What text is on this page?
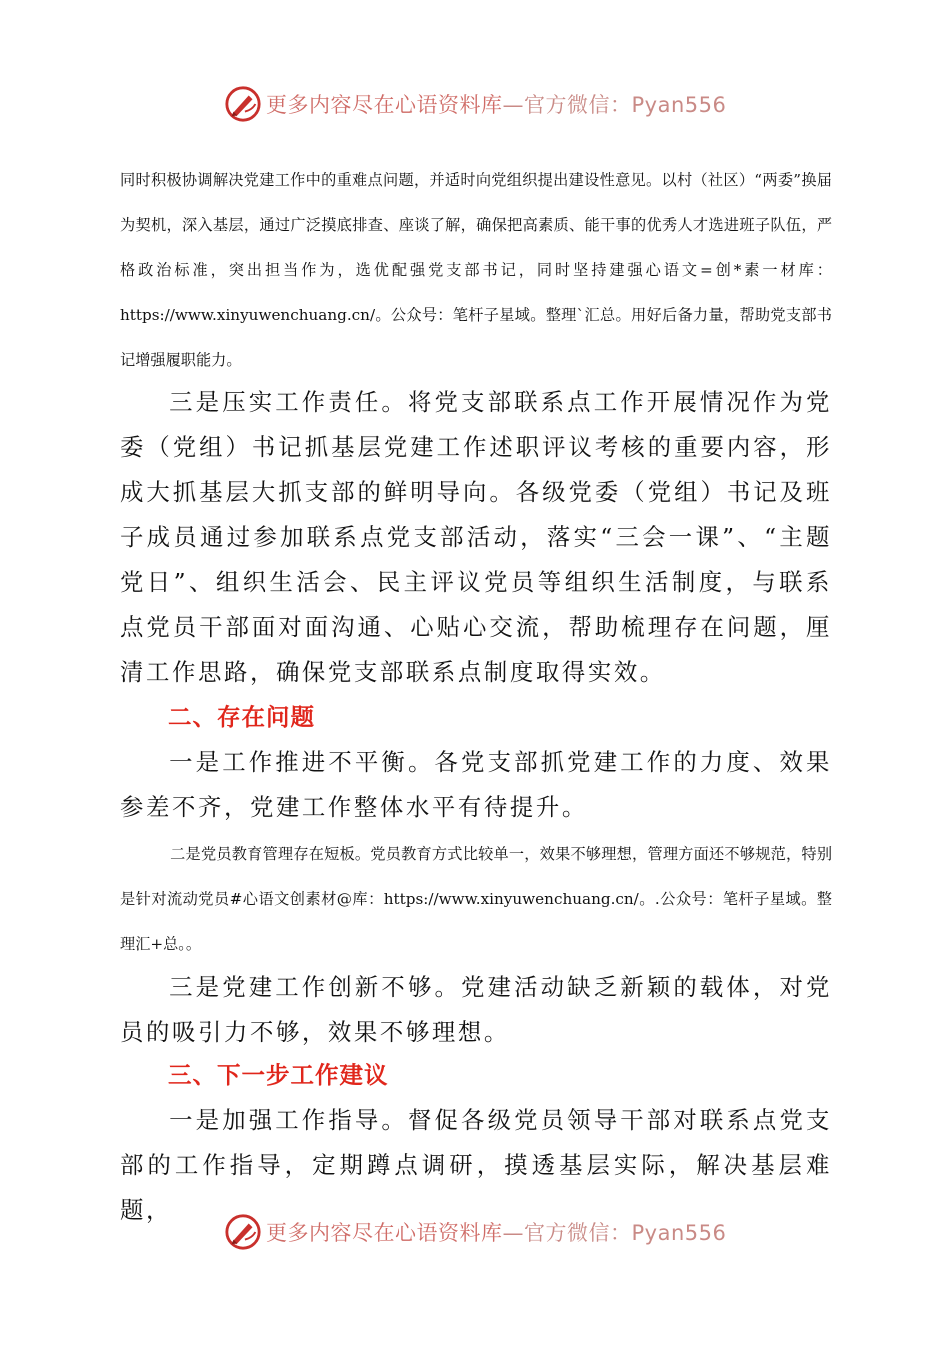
更多内容尽在心语资料库—官方微信：Pyan556

同时积极协调解决党建工作中的重难点问题，并适时向党组织提出建设性意见。以村（社区）“两委”换届为契机，深入基层，通过广泛摸底排查、座谈了解，确保把高素质、能干事的优秀人才选进班子队伍，严格政治标准，突出担当作为，选优配强党支部书记，同时坚持建强心语文=创*素一材库：https://www.xinyuwenchuang.cn/。公众号：笔杆子星域。整理`汇总。用好后备力量，帮助党支部书记增强履职能力。

三是压实工作责任。将党支部联系点工作开展情况作为党委（党组）书记抓基层党建工作述职评议考核的重要内容，形成大抓基层大抓支部的鲜明导向。各级党委（党组）书记及班子成员通过参加联系点党支部活动，落实“三会一课”、“主题党日”、组织生活会、民主评议党员等组织生活制度，与联系点党员干部面对面沟通、心贴心交流，帮助梳理存在问题，厘清工作思路，确保党支部联系点制度取得实效。

二、存在问题

一是工作推进不平衡。各党支部抓党建工作的力度、效果参差不齐，党建工作整体水平有待提升。

二是党员教育管理存在短板。党员教育方式比较单一，效果不够理想，管理方面还不够规范，特别是针对流动党员#心语文创素材@库：https://www.xinyuwenchuang.cn/。.公众号：笔杆子星域。整理汇+总。。

三是党建工作创新不够。党建活动缺乏新颖的载体，对党员的吸引力不够，效果不够理想。

三、下一步工作建议

一是加强工作指导。督促各级党员领导干部对联系点党支部的工作指导，定期蹲点调研，摸透基层实际，解决基层难题，

更多内容尽在心语资料库—官方微信：Pyan556
